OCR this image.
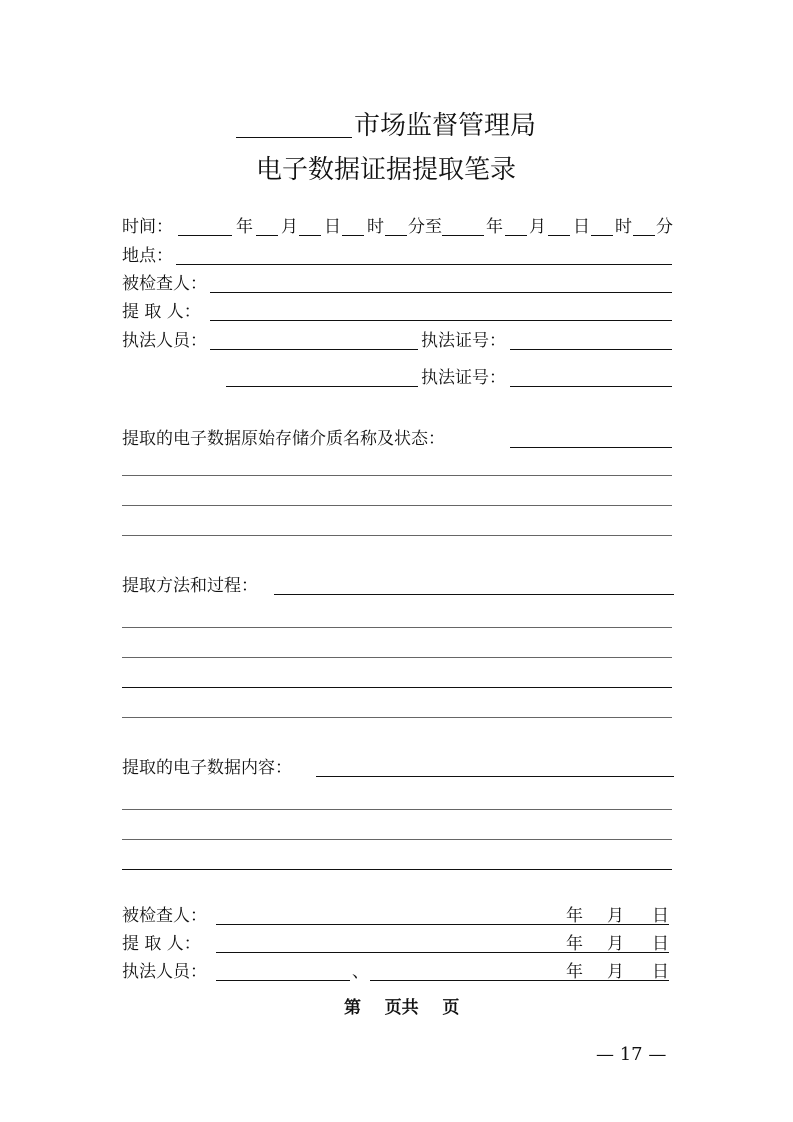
市场监督管理局
电子数据证据提取笔录
时间：	年 月 日 时 分至	年 月 日 时 分
地点：
被检查人：
提 取 人：
执法人员：	执法证号：
执法证号：
提取的电子数据原始存储介质名称及状态：
提取方法和过程：
提取的电子数据内容：
被检查人：	年 月 日
提 取 人：	年 月 日
执法人员：	、	年 月 日
第    页共    页
— 17 —
